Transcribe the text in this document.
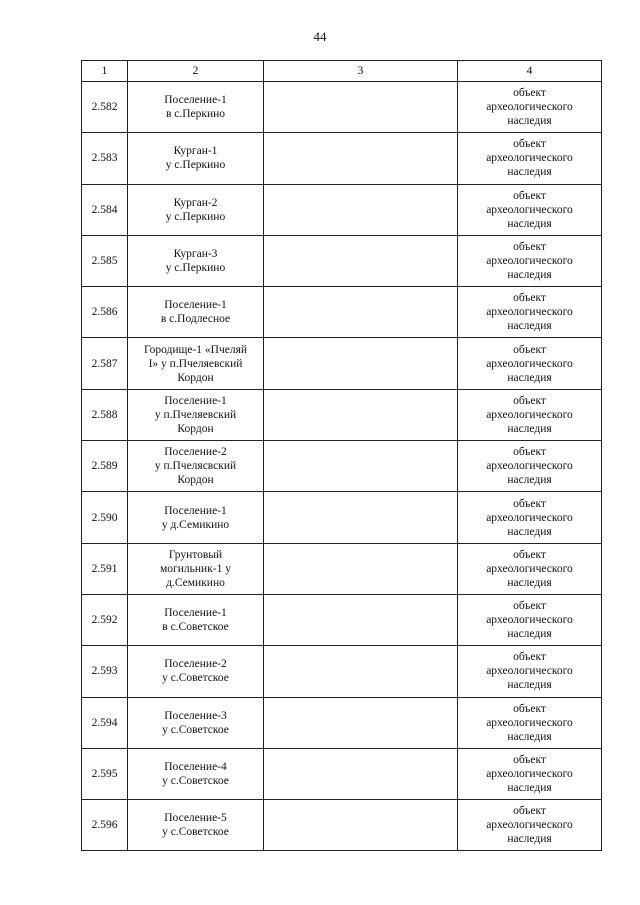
44
1	2	3	4

2.582	Поселение-1
в с.Перкино		объект
археологического
наследия

2.583	Курган-1
у с.Перкино		объект
археологического
наследия

2.584	Курган-2
у с.Перкино		объект
археологического
наследия

2.585	Курган-3
у с.Перкино		объект
археологического
наследия

2.586	Поселение-1
в с.Подлесное		объект
археологического
наследия

2.587	Городище-1 «Пчеляй
I» у п.Пчеляевский
Кордон		объект
археологического
наследия

2.588	Поселение-1
у п.Пчеляевский
Кордон		объект
археологического
наследия

2.589	Поселение-2
у п.Пчелясвский
Кордон		объект
археологического
наследия

2.590	Поселение-1
у д.Семикино		объект
археологического
наследия

2.591	Грунтовый
могильник-1 у
д.Семикино		объект
археологического
наследия

2.592	Поселение-1
в с.Советское		объект
археологического
наследия

2.593	Поселение-2
у с.Советское		объект
археологического
наследия

2.594	Поселение-3
у с.Советское		объект
археологического
наследия

2.595	Поселение-4
у с.Советское		объект
археологического
наследия

2.596	Поселение-5
у с.Советское		объект
археологического
наследия
